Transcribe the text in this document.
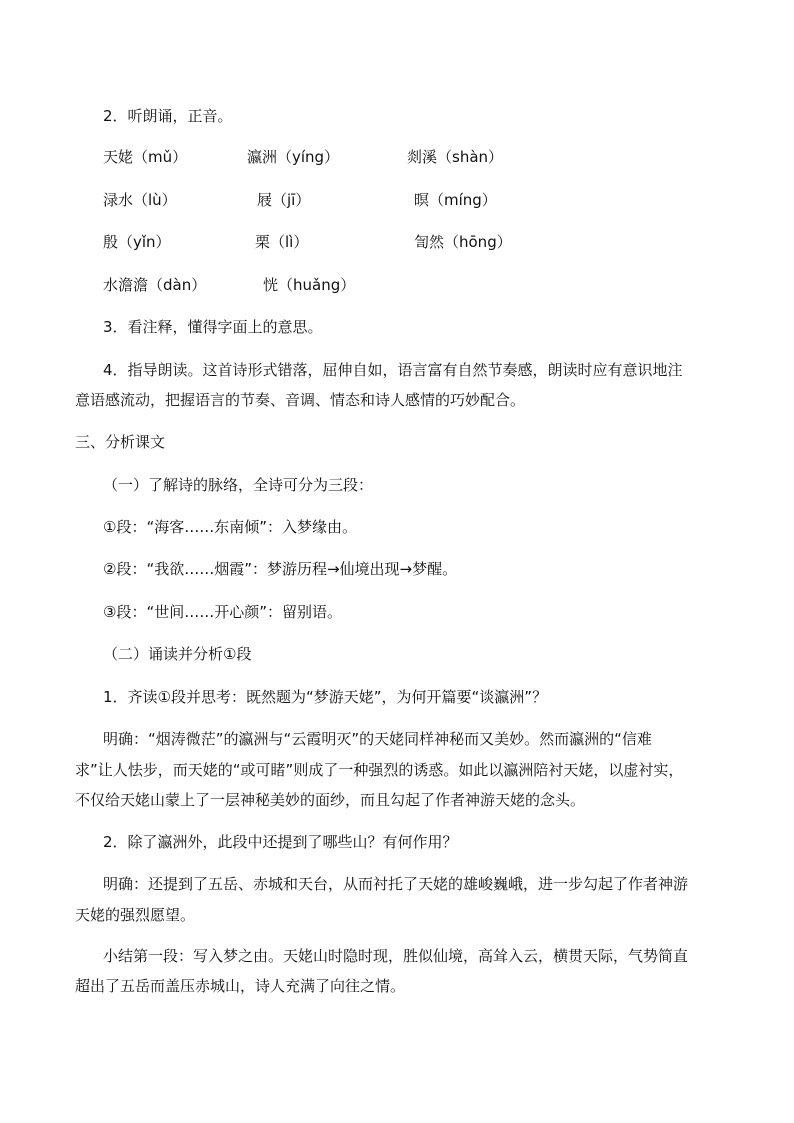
2．听朗诵，正音。
天姥（mǔ）	瀛洲（yíng）	剡溪（shàn）
渌水（lù）	屐（jī）	暝（míng）
殷（yǐn）	栗（lì）	訇然（hōng）
水澹澹（dàn）	恍（huǎng）
3．看注释，懂得字面上的意思。
4．指导朗读。这首诗形式错落，屈伸自如，语言富有自然节奏感，朗读时应有意识地注
意语感流动，把握语言的节奏、音调、情态和诗人感情的巧妙配合。
三、分析课文
（一）了解诗的脉络，全诗可分为三段：
①段：“海客……东南倾”：入梦缘由。
②段：“我欲……烟霞”：梦游历程→仙境出现→梦醒。
③段：“世间……开心颜”：留别语。
（二）诵读并分析①段
1．齐读①段并思考：既然题为“梦游天姥”，为何开篇要“谈瀛洲”？
明确：“烟涛微茫”的瀛洲与“云霞明灭”的天姥同样神秘而又美妙。然而瀛洲的“信难
求”让人怯步，而天姥的“或可睹”则成了一种强烈的诱惑。如此以瀛洲陪衬天姥，以虚衬实，
不仅给天姥山蒙上了一层神秘美妙的面纱，而且勾起了作者神游天姥的念头。
2．除了瀛洲外，此段中还提到了哪些山？有何作用？
明确：还提到了五岳、赤城和天台，从而衬托了天姥的雄峻巍峨，进一步勾起了作者神游
天姥的强烈愿望。
小结第一段：写入梦之由。天姥山时隐时现，胜似仙境，高耸入云，横贯天际，气势简直
超出了五岳而盖压赤城山，诗人充满了向往之情。
